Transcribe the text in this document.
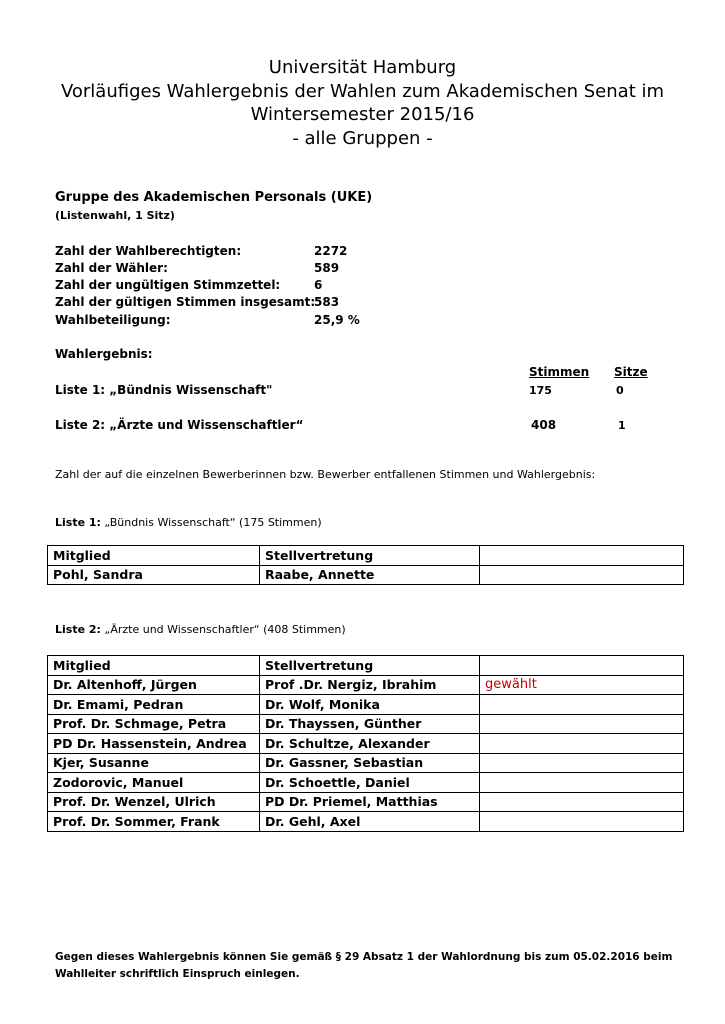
Universität Hamburg
Vorläufiges Wahlergebnis der Wahlen zum Akademischen Senat im
Wintersemester 2015/16
- alle Gruppen -
Gruppe des Akademischen Personals (UKE)
(Listenwahl, 1 Sitz)
Zahl der Wahlberechtigten:	2272
Zahl der Wähler:	589
Zahl der ungültigen Stimmzettel:	6
Zahl der gültigen Stimmen insgesamt:
583
Wahlbeteiligung:	25,9 %
Wahlergebnis:
Stimmen Sitze
Liste 1: „Bündnis Wissenschaft"	175	0
Liste 2: „Ärzte und Wissenschaftler“	408	1
Zahl der auf die einzelnen Bewerberinnen bzw. Bewerber entfallenen Stimmen und Wahlergebnis:
Liste 1: „Bündnis Wissenschaft“ (175 Stimmen)
Mitglied	Stellvertretung	
Pohl, Sandra	Raabe, Annette	
Liste 2: „Ärzte und Wissenschaftler“ (408 Stimmen)
Mitglied	Stellvertretung	
Dr. Altenhoff, Jürgen	Prof .Dr. Nergiz, Ibrahim	gewählt
Dr. Emami, Pedran	Dr. Wolf, Monika	
Prof. Dr. Schmage, Petra	Dr. Thayssen, Günther	
PD Dr. Hassenstein, Andrea	Dr. Schultze, Alexander	
Kjer, Susanne	Dr. Gassner, Sebastian	
Zodorovic, Manuel	Dr. Schoettle, Daniel	
Prof. Dr. Wenzel, Ulrich	PD Dr. Priemel, Matthias	
Prof. Dr. Sommer, Frank	Dr. Gehl, Axel	
Gegen dieses Wahlergebnis können Sie gemäß § 29 Absatz 1 der Wahlordnung bis zum 05.02.2016 beim
Wahlleiter schriftlich Einspruch einlegen.
